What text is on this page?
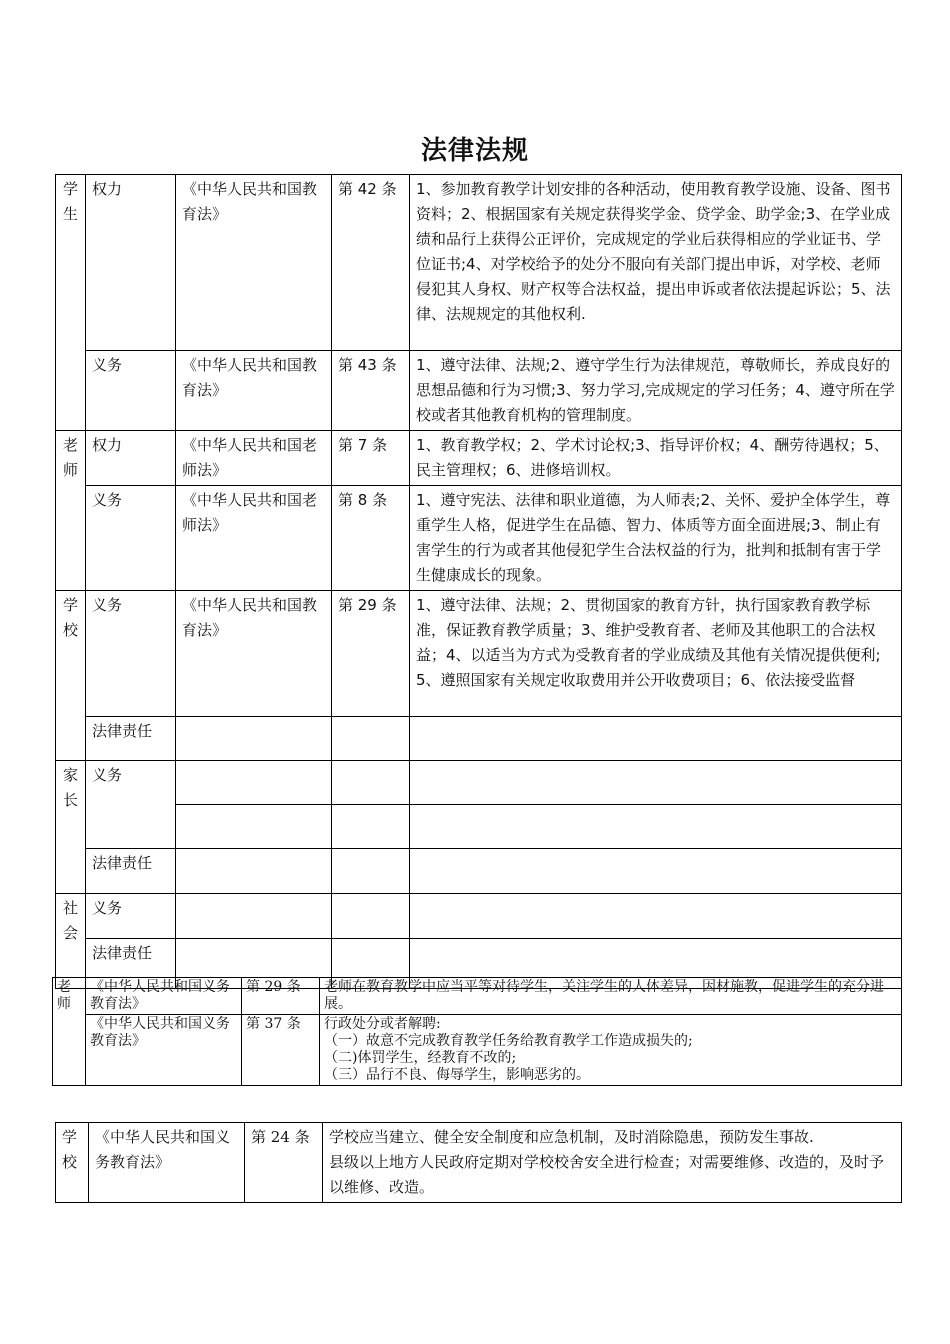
法律法规
学生	权力	《中华人民共和国教育法》	第 42 条	1、参加教育教学计划安排的各种活动，使用教育教学设施、设备、图书资料；2、根据国家有关规定获得奖学金、贷学金、助学金;3、在学业成绩和品行上获得公正评价，完成规定的学业后获得相应的学业证书、学位证书;4、对学校给予的处分不服向有关部门提出申诉，对学校、老师侵犯其人身权、财产权等合法权益，提出申诉或者依法提起诉讼；5、法律、法规规定的其他权利.
	义务	《中华人民共和国教育法》	第 43 条	1、遵守法律、法规;2、遵守学生行为法律规范，尊敬师长，养成良好的思想品德和行为习惯;3、努力学习,完成规定的学习任务；4、遵守所在学校或者其他教育机构的管理制度。
老师	权力	《中华人民共和国老师法》	第 7 条	1、教育教学权；2、学术讨论权;3、指导评价权；4、酬劳待遇权；5、民主管理权；6、进修培训权。
	义务	《中华人民共和国老师法》	第 8 条	1、遵守宪法、法律和职业道德，为人师表;2、关怀、爱护全体学生，尊重学生人格，促进学生在品德、智力、体质等方面全面进展;3、制止有害学生的行为或者其他侵犯学生合法权益的行为，批判和抵制有害于学生健康成长的现象。
学校	义务	《中华人民共和国教育法》	第 29 条	1、遵守法律、法规；2、贯彻国家的教育方针，执行国家教育教学标准，保证教育教学质量；3、维护受教育者、老师及其他职工的合法权益；4、以适当为方式为受教育者的学业成绩及其他有关情况提供便利;5、遵照国家有关规定收取费用并公开收费项目；6、依法接受监督
	法律责任			
家长	义务			

	法律责任			
社会	义务			
	法律责任			
老师	《中华人民共和国义务教育法》	第 29 条	老师在教育教学中应当平等对待学生，关注学生的人体差异，因材施教，促进学生的充分进展。

	《中华人民共和国义务教育法》	第 37 条	行政处分或者解聘:
（一）故意不完成教育教学任务给教育教学工作造成损失的;
（二)体罚学生，经教育不改的;
（三）品行不良、侮辱学生，影响恶劣的。
学校	《中华人民共和国义务教育法》	第 24 条	学校应当建立、健全安全制度和应急机制，及时消除隐患，预防发生事故.
县级以上地方人民政府定期对学校校舍安全进行检查；对需要维修、改造的，及时予以维修、改造。
